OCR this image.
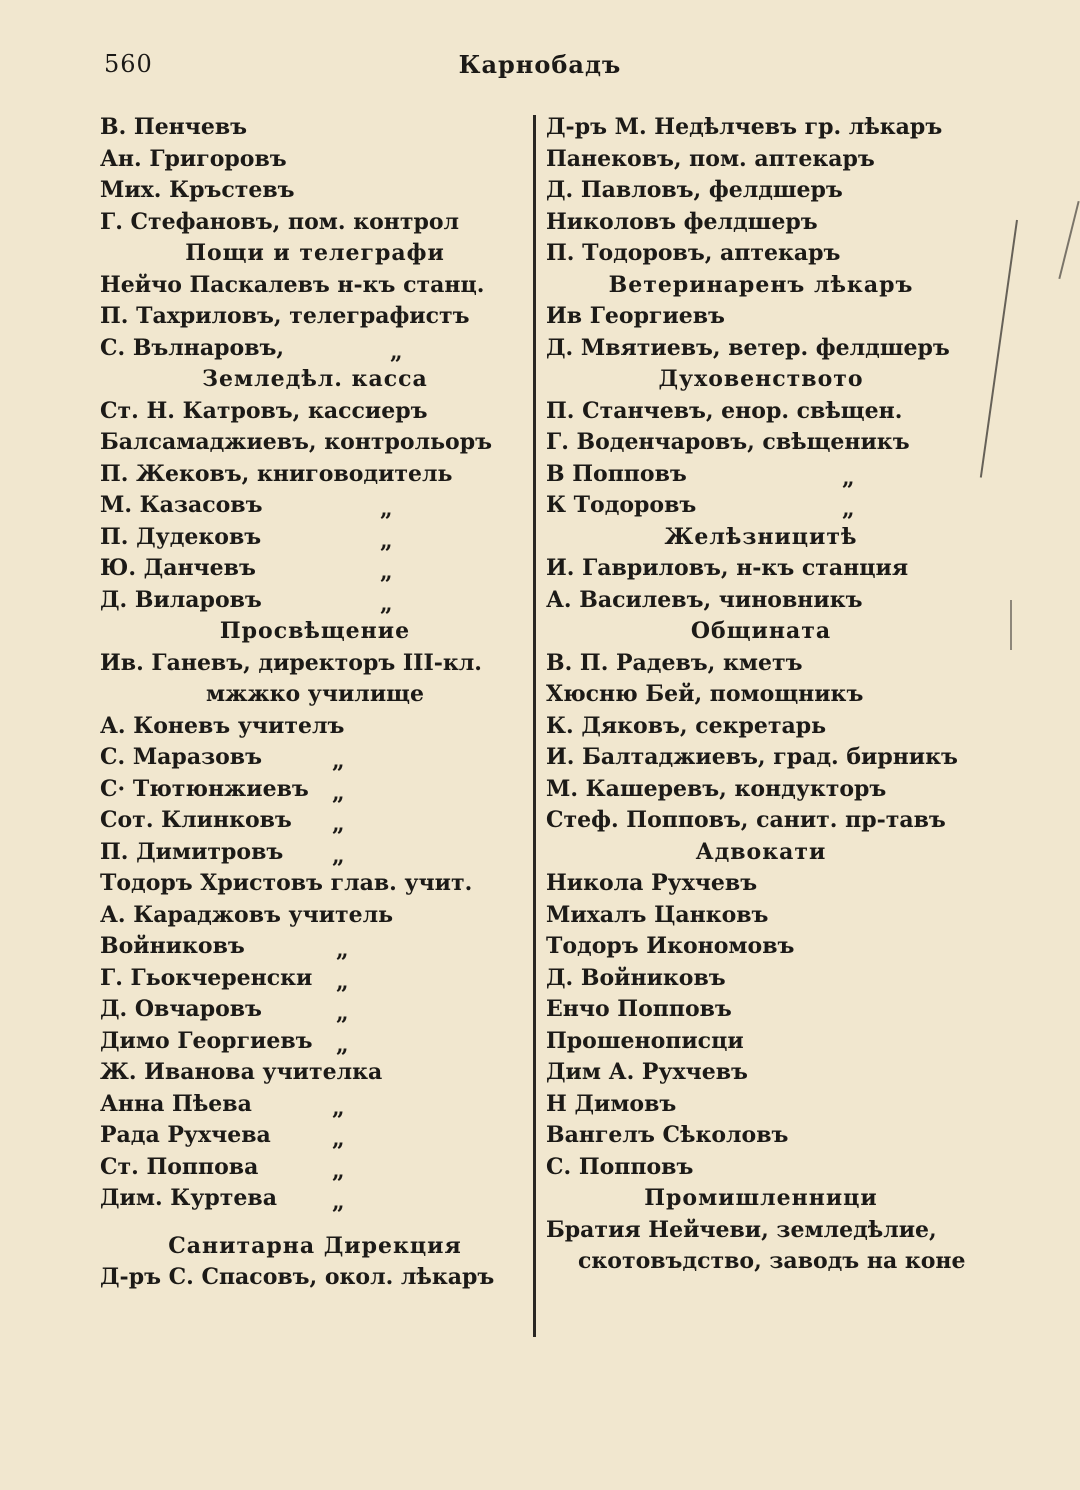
560	Карнобадъ
В. Пенчевъ
Ан. Григоровъ
Мих. Кръстевъ
Г. Стефановъ, пом. контрол
Пощи и телеграфи
Нейчо Паскалевъ н-къ станц.
П. Тахриловъ, телеграфистъ
С. Вълнаровъ,	„
Земледѣл. касса
Ст. Н. Катровъ, кассиеръ
Балсамаджиевъ, контрольоръ
П. Жековъ, книговодитель
М. Казасовъ	„
П. Дудековъ	„
Ю. Данчевъ	„
Д. Виларовъ	„
Просвѣщение
Ив. Ганевъ, директоръ III-кл.
мжжко училище
А. Коневъ учителъ
С. Маразовъ	„
С· Тютюнжиевъ „
Сот. Клинковъ „
П. Димитровъ „
Тодоръ Христовъ глав. учит.
А. Караджовъ учитель
Войниковъ	„
Г. Гьокчеренски „
Д. Овчаровъ	„
Димо Георгиевъ „
Ж. Иванова учителка
Анна Пѣева	„
Рада Рухчева	„
Ст. Поппова	„
Дим. Куртева	„
Санитарна Дирекция
Д-ръ С. Спасовъ, окол. лѣкаръ
Д-ръ М. Недѣлчевъ гр. лѣкаръ
Панековъ, пом. аптекаръ
Д. Павловъ, фелдшеръ
Николовъ фелдшеръ
П. Тодоровъ, аптекаръ
Ветеринаренъ лѣкаръ
Ив Георгиевъ
Д. Мвятиевъ, ветер. фелдшеръ
Духовенството
П. Станчевъ, енор. свѣщен.
Г. Воденчаровъ, свѣщеникъ
В Попповъ	„
К Тодоровъ	„
Желѣзницитѣ
И. Гавриловъ, н-къ станция
А. Василевъ, чиновникъ
Общината
В. П. Радевъ, кметъ
Хюсню Бей, помощникъ
К. Дяковъ, секретарь
И. Балтаджиевъ, град. бирникъ
М. Кашеревъ, кондукторъ
Стеф. Попповъ, санит. пр-тавъ
Адвокати
Никола Рухчевъ
Михалъ Цанковъ
Тодоръ Икономовъ
Д. Войниковъ
Енчо Попповъ
Прошенописци
Дим А. Рухчевъ
Н Димовъ
Вангелъ Сѣколовъ
С. Попповъ
Промишленници
Братия Нейчеви, земледѣлие,
скотовъдство, заводъ на коне
